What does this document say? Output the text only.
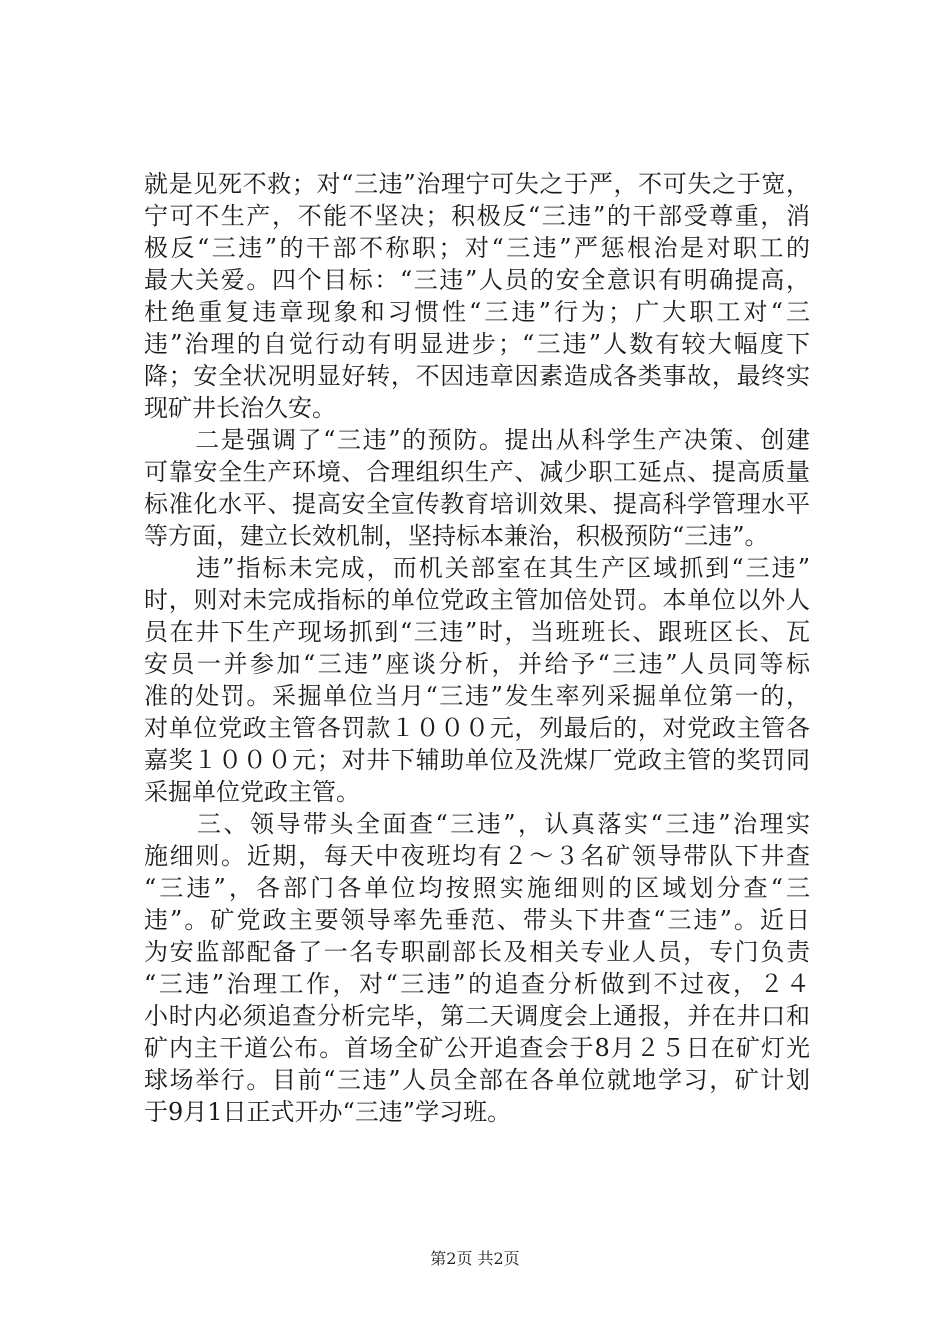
就是见死不救；对“三违”治理宁可失之于严，不可失之于宽，
宁可不生产，不能不坚决；积极反“三违”的干部受尊重，消
极反“三违”的干部不称职；对“三违”严惩根治是对职工的
最大关爱。四个目标：“三违”人员的安全意识有明确提高，
杜绝重复违章现象和习惯性“三违”行为；广大职工对“三
违”治理的自觉行动有明显进步；“三违”人数有较大幅度下
降；安全状况明显好转，不因违章因素造成各类事故，最终实
现矿井长治久安。
　　二是强调了“三违”的预防。提出从科学生产决策、创建
可靠安全生产环境、合理组织生产、减少职工延点、提高质量
标准化水平、提高安全宣传教育培训效果、提高科学管理水平
等方面，建立长效机制，坚持标本兼治，积极预防“三违”。
　　违”指标未完成，而机关部室在其生产区域抓到“三违”
时，则对未完成指标的单位党政主管加倍处罚。本单位以外人
员在井下生产现场抓到“三违”时，当班班长、跟班区长、瓦
安员一并参加“三违”座谈分析，并给予“三违”人员同等标
准的处罚。采掘单位当月“三违”发生率列采掘单位第一的，
对单位党政主管各罚款１０００元，列最后的，对党政主管各
嘉奖１０００元；对井下辅助单位及洗煤厂党政主管的奖罚同
采掘单位党政主管。
　　三、领导带头全面查“三违”，认真落实“三违”治理实
施细则。近期，每天中夜班均有２～３名矿领导带队下井查
“三违”，各部门各单位均按照实施细则的区域划分查“三
违”。矿党政主要领导率先垂范、带头下井查“三违”。近日
为安监部配备了一名专职副部长及相关专业人员，专门负责
“三违”治理工作，对“三违”的追查分析做到不过夜，２４
小时内必须追查分析完毕，第二天调度会上通报，并在井口和
矿内主干道公布。首场全矿公开追查会于8月２５日在矿灯光
球场举行。目前“三违”人员全部在各单位就地学习，矿计划
于9月1日正式开办“三违”学习班。
第2页 共2页
